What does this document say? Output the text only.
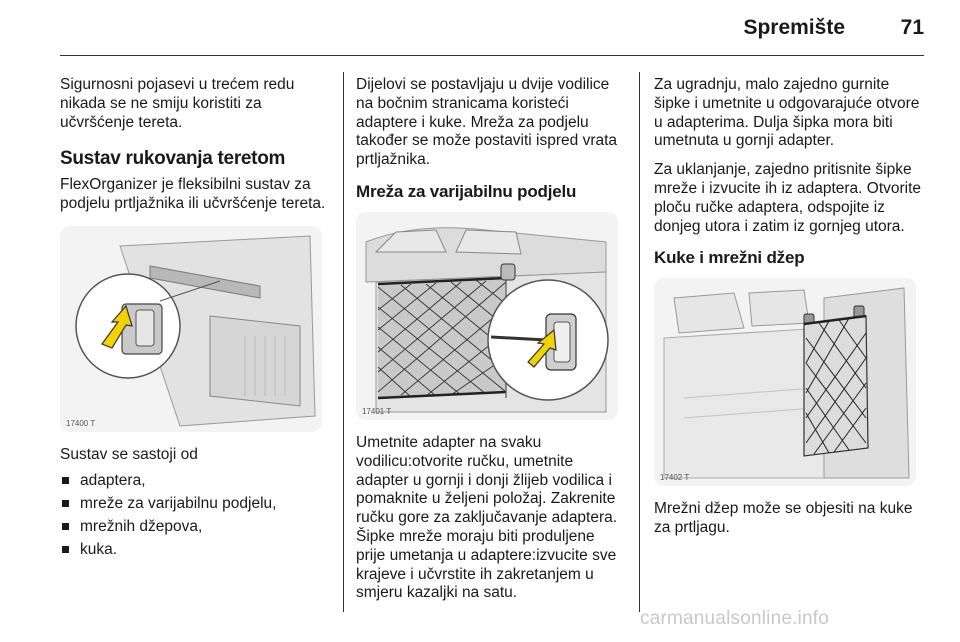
Spremište	71

Sigurnosni pojasevi u trećem redu nikada se ne smiju koristiti za učvršćenje tereta.

Sustav rukovanja teretom

FlexOrganizer je fleksibilni sustav za podjelu prtljažnika ili učvršćenje tereta.

17400 T

Sustav se sastoji od

adaptera,
mreže za varijabilnu podjelu,
mrežnih džepova,
kuka.

Dijelovi se postavljaju u dvije vodilice na bočnim stranicama koristeći adaptere i kuke. Mreža za podjelu također se može postaviti ispred vrata prtljažnika.

Mreža za varijabilnu podjelu
17401 T

Umetnite adapter na svaku vodilicu:otvorite ručku, umetnite adapter u gornji i donji žlijeb vodilica i pomaknite u željeni položaj. Zakrenite ručku gore za zaključavanje adaptera. Šipke mreže moraju biti produljene prije umetanja u adaptere:izvucite sve krajeve i učvrstite ih zakretanjem u smjeru kazaljki na satu.

Za ugradnju, malo zajedno gurnite šipke i umetnite u odgovarajuće otvore u adapterima. Dulja šipka mora biti umetnuta u gornji adapter.

Za uklanjanje, zajedno pritisnite šipke mreže i izvucite ih iz adaptera. Otvorite ploču ručke adaptera, odspojite iz donjeg utora i zatim iz gornjeg utora.

Kuke i mrežni džep
17402 T

Mrežni džep može se objesiti na kuke za prtljagu.

carmanualsonline.info
